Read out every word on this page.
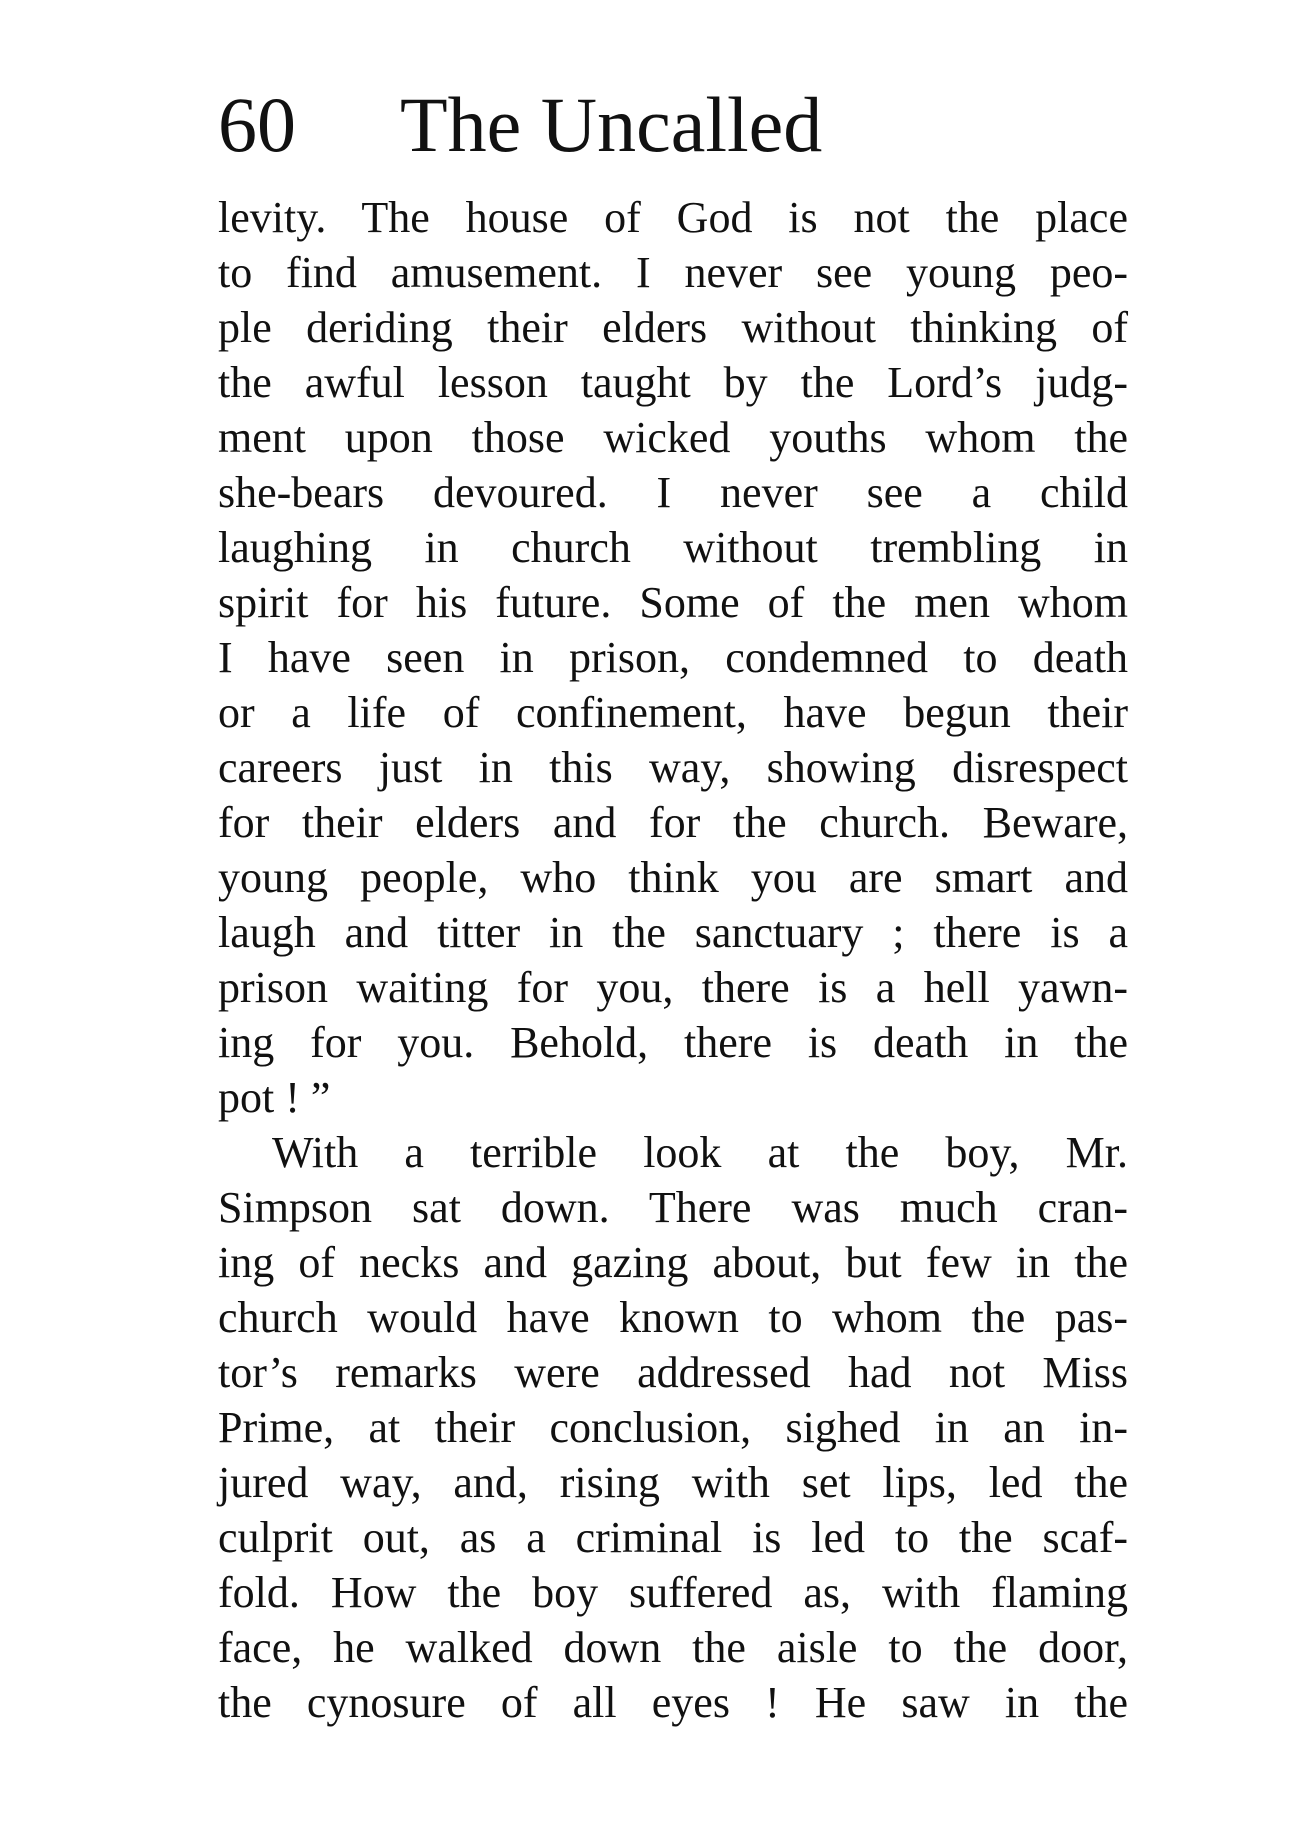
60 The Uncalled
levity. The house of God is not the place
to find amusement. I never see young peo-
ple deriding their elders without thinking of
the awful lesson taught by the Lord’s judg-
ment upon those wicked youths whom the
she-bears devoured. I never see a child
laughing in church without trembling in
spirit for his future. Some of the men whom
I have seen in prison, condemned to death
or a life of confinement, have begun their
careers just in this way, showing disrespect
for their elders and for the church. Beware,
young people, who think you are smart and
laugh and titter in the sanctuary ; there is a
prison waiting for you, there is a hell yawn-
ing for you. Behold, there is death in the
pot ! ”
With a terrible look at the boy, Mr.
Simpson sat down. There was much cran-
ing of necks and gazing about, but few in the
church would have known to whom the pas-
tor’s remarks were addressed had not Miss
Prime, at their conclusion, sighed in an in-
jured way, and, rising with set lips, led the
culprit out, as a criminal is led to the scaf-
fold. How the boy suffered as, with flaming
face, he walked down the aisle to the door,
the cynosure of all eyes ! He saw in the
